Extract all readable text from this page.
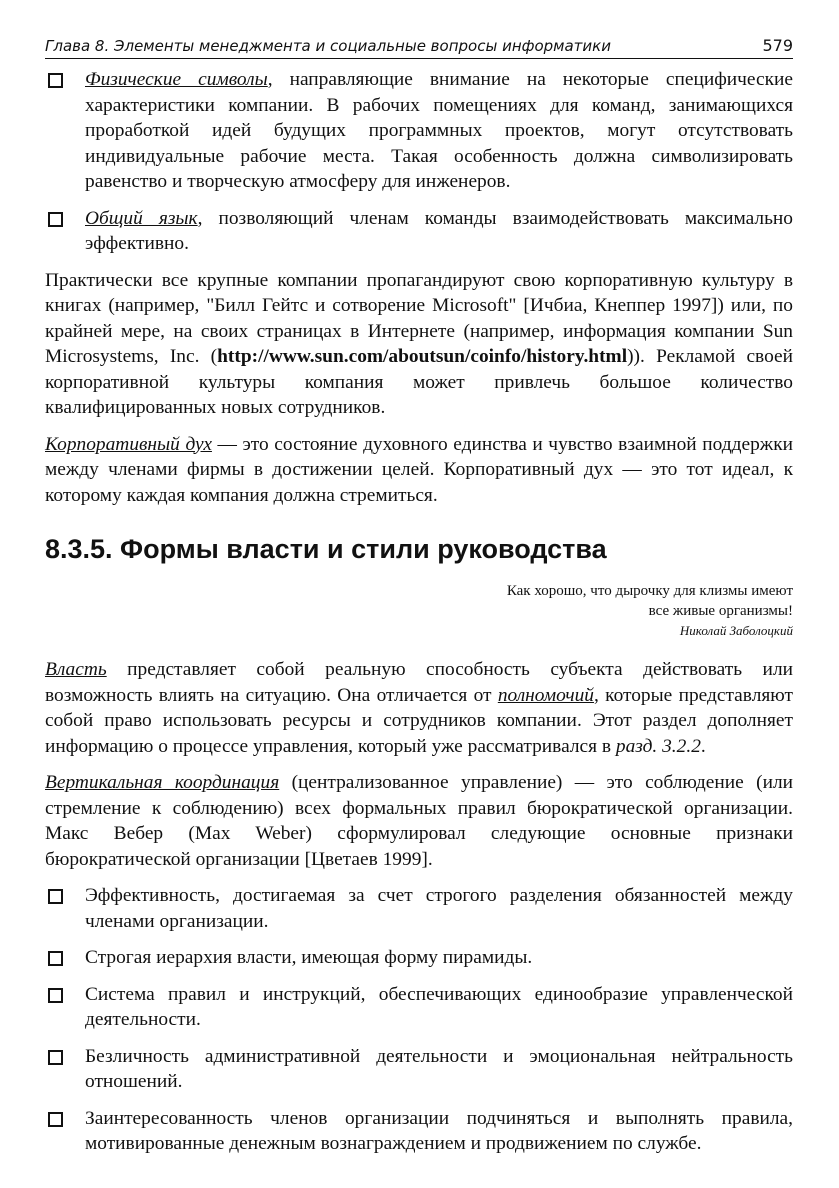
Глава 8. Элементы менеджмента и социальные вопросы информатики	579
Физические символы, направляющие внимание на некоторые специфические характеристики компании. В рабочих помещениях для команд, занимающихся проработкой идей будущих программных проектов, могут отсутствовать индивидуальные рабочие места. Такая особенность должна символизировать равенство и творческую атмосферу для инженеров.
Общий язык, позволяющий членам команды взаимодействовать максимально эффективно.

Практически все крупные компании пропагандируют свою корпоративную культуру в книгах (например, "Билл Гейтс и сотворение Microsoft" [Ичбиа, Кнеппер 1997]) или, по крайней мере, на своих страницах в Интернете (например, информация компании Sun Microsystems, Inc. (http://www.sun.com/aboutsun/coinfo/history.html)). Рекламой своей корпоративной культуры компания может привлечь большое количество квалифицированных новых сотрудников.

Корпоративный дух — это состояние духовного единства и чувство взаимной поддержки между членами фирмы в достижении целей. Корпоративный дух — это тот идеал, к которому каждая компания должна стремиться.

8.3.5. Формы власти и стили руководства
Как хорошо, что дырочку для клизмы имеют
все живые организмы!
Николай Заболоцкий

Власть представляет собой реальную способность субъекта действовать или возможность влиять на ситуацию. Она отличается от полномочий, которые представляют собой право использовать ресурсы и сотрудников компании. Этот раздел дополняет информацию о процессе управления, который уже рассматривался в разд. 3.2.2.

Вертикальная координация (централизованное управление) — это соблюдение (или стремление к соблюдению) всех формальных правил бюрократической организации. Макс Вебер (Max Weber) сформулировал следующие основные признаки бюрократической организации [Цветаев 1999].

Эффективность, достигаемая за счет строгого разделения обязанностей между членами организации.
Строгая иерархия власти, имеющая форму пирамиды.
Система правил и инструкций, обеспечивающих единообразие управленческой деятельности.
Безличность административной деятельности и эмоциональная нейтральность отношений.
Заинтересованность членов организации подчиняться и выполнять правила, мотивированные денежным вознаграждением и продвижением по службе.
